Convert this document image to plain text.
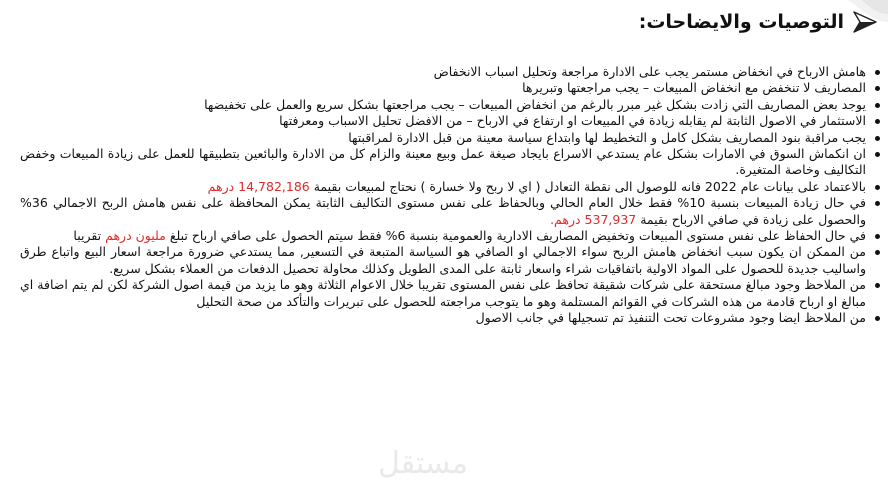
التوصيات والايضاحات:
هامش الارباح في انخفاض مستمر يجب على الادارة مراجعة وتحليل اسباب الانخفاض
المصاريف لا تنخفض مع انخفاض المبيعات – يجب مراجعتها وتبريرها
يوجد بعض المصاريف التي زادت بشكل غير مبرر بالرغم من انخفاض المبيعات – يجب مراجعتها بشكل سريع والعمل على تخفيضها
الاستثمار في الاصول الثابتة لم يقابله زيادة في المبيعات او ارتفاع في الارباح – من الافضل تحليل الاسباب ومعرفتها
يجب مراقبة بنود المصاريف بشكل كامل و التخطيط لها وابتداع سياسة معينة من قبل الادارة لمراقبتها
ان انكماش السوق في الامارات بشكل عام يستدعي الاسراع بايجاد صيغة عمل وبيع معينة والزام كل من الادارة والبائعين بتطبيقها للعمل على زيادة المبيعات وخفض التكاليف وخاصة المتغيرة.
بالاعتماد على بيانات عام 2022 فانه للوصول الى نقطة التعادل ( اي لا ربح ولا خسارة ) نحتاج لمبيعات بقيمة 14,782,186 درهم
في حال زيادة المبيعات بنسبة 10% فقط خلال العام الحالي وبالحفاظ على نفس مستوى التكاليف الثابتة يمكن المحافظة على نفس هامش الربح الاجمالي 36% والحصول على زيادة في صافي الارباح بقيمة 537,937 درهم.
في حال الحفاظ على نفس مستوى المبيعات وتخفيض المصاريف الادارية والعمومية بنسبة 6% فقط سيتم الحصول على صافي ارباح تبلغ مليون درهم تقريبا
من الممكن ان يكون سبب انخفاض هامش الربح سواء الاجمالي او الصافي هو السياسة المتبعة في التسعير, مما يستدعي ضرورة مراجعة اسعار البيع واتباع طرق واساليب جديدة للحصول على المواد الاولية باتفاقيات شراء واسعار ثابتة على المدى الطويل وكذلك محاولة تحصيل الدفعات من العملاء بشكل سريع.
من الملاحظ وجود مبالغ مستحقة على شركات شقيقة تحافظ على نفس المستوى تقريبا خلال الاعوام الثلاثة وهو ما يزيد من قيمة اصول الشركة لكن لم يتم اضافة اي مبالغ او ارباح قادمة من هذه الشركات في القوائم المستلمة وهو ما يتوجب مراجعته للحصول على تبريرات والتأكد من صحة التحليل
من الملاحظ ايضا وجود مشروعات تحت التنفيذ تم تسجيلها في جانب الاصول
مستقل
